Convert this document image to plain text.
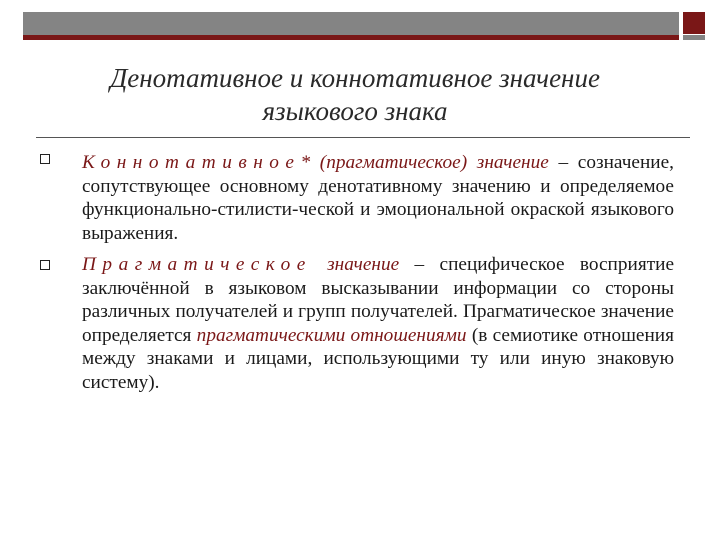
Денотативное и коннотативное значение
языкового знака
Коннотативное* (прагматическое) значение – созначение, сопутствующее основному денотативному значению и определяемое функционально-стилисти-ческой и эмоциональной окраской языкового выражения.
Прагматическое значение – специфическое восприятие заключённой в языковом высказывании информации со стороны различных получателей и групп получателей. Прагматическое значение определяется прагматическими отношениями (в семиотике отношения между знаками и лицами, использующими ту или иную знаковую систему).
